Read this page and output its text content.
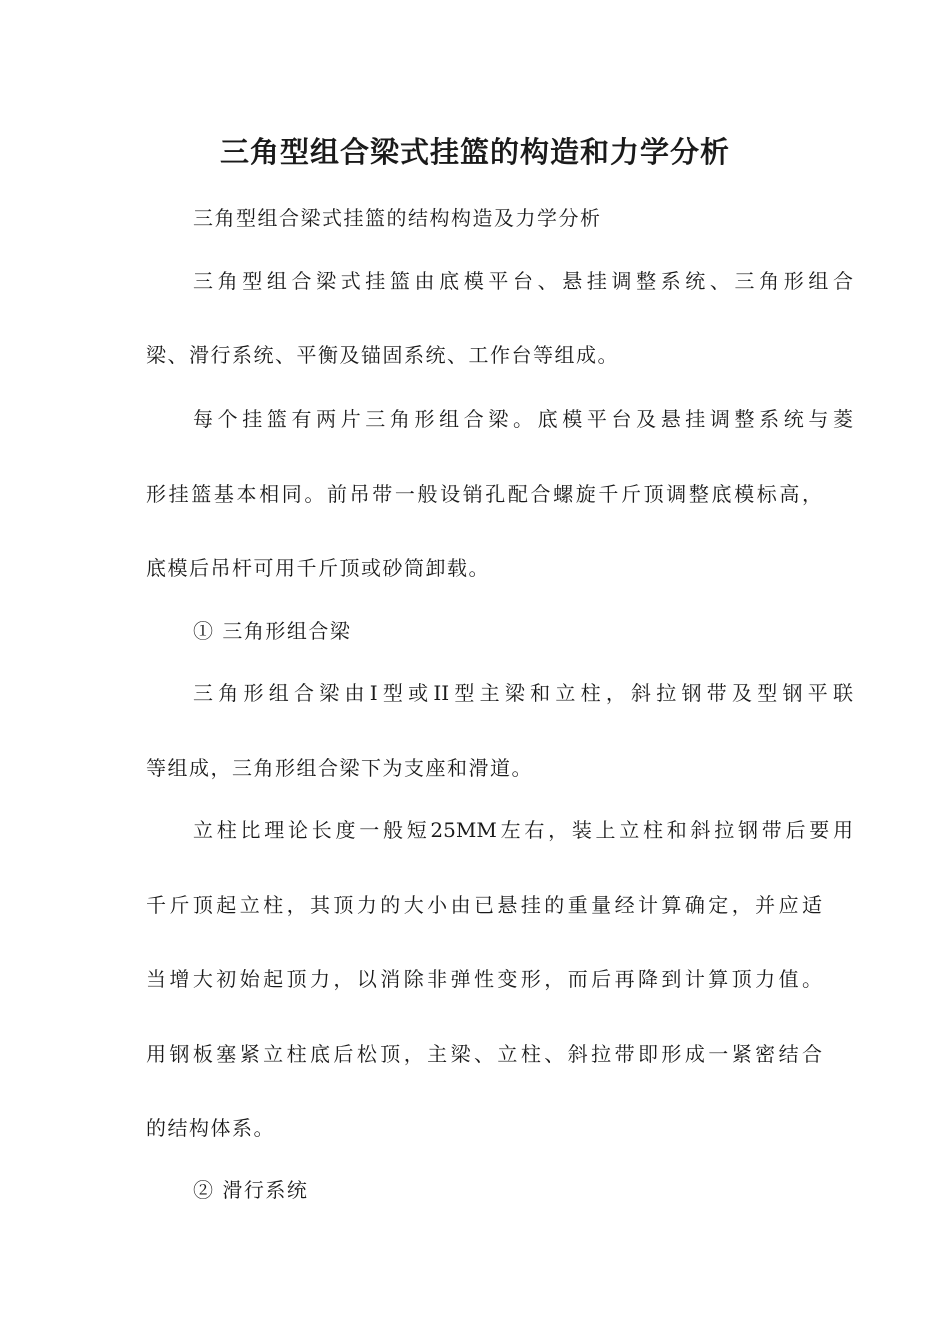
三角型组合梁式挂篮的构造和力学分析

三角型组合梁式挂篮的结构构造及力学分析

三角型组合梁式挂篮由底模平台、悬挂调整系统、三角形组合

梁、滑行系统、平衡及锚固系统、工作台等组成。

每个挂篮有两片三角形组合梁。底模平台及悬挂调整系统与菱

形挂篮基本相同。前吊带一般设销孔配合螺旋千斤顶调整底模标高，

底模后吊杆可用千斤顶或砂筒卸载。

① 三角形组合梁

三角形组合梁由I型或II型主梁和立柱，斜拉钢带及型钢平联

等组成，三角形组合梁下为支座和滑道。

立柱比理论长度一般短25MM左右，装上立柱和斜拉钢带后要用

千斤顶起立柱，其顶力的大小由已悬挂的重量经计算确定，并应适

当增大初始起顶力，以消除非弹性变形，而后再降到计算顶力值。

用钢板塞紧立柱底后松顶，主梁、立柱、斜拉带即形成一紧密结合

的结构体系。

② 滑行系统
